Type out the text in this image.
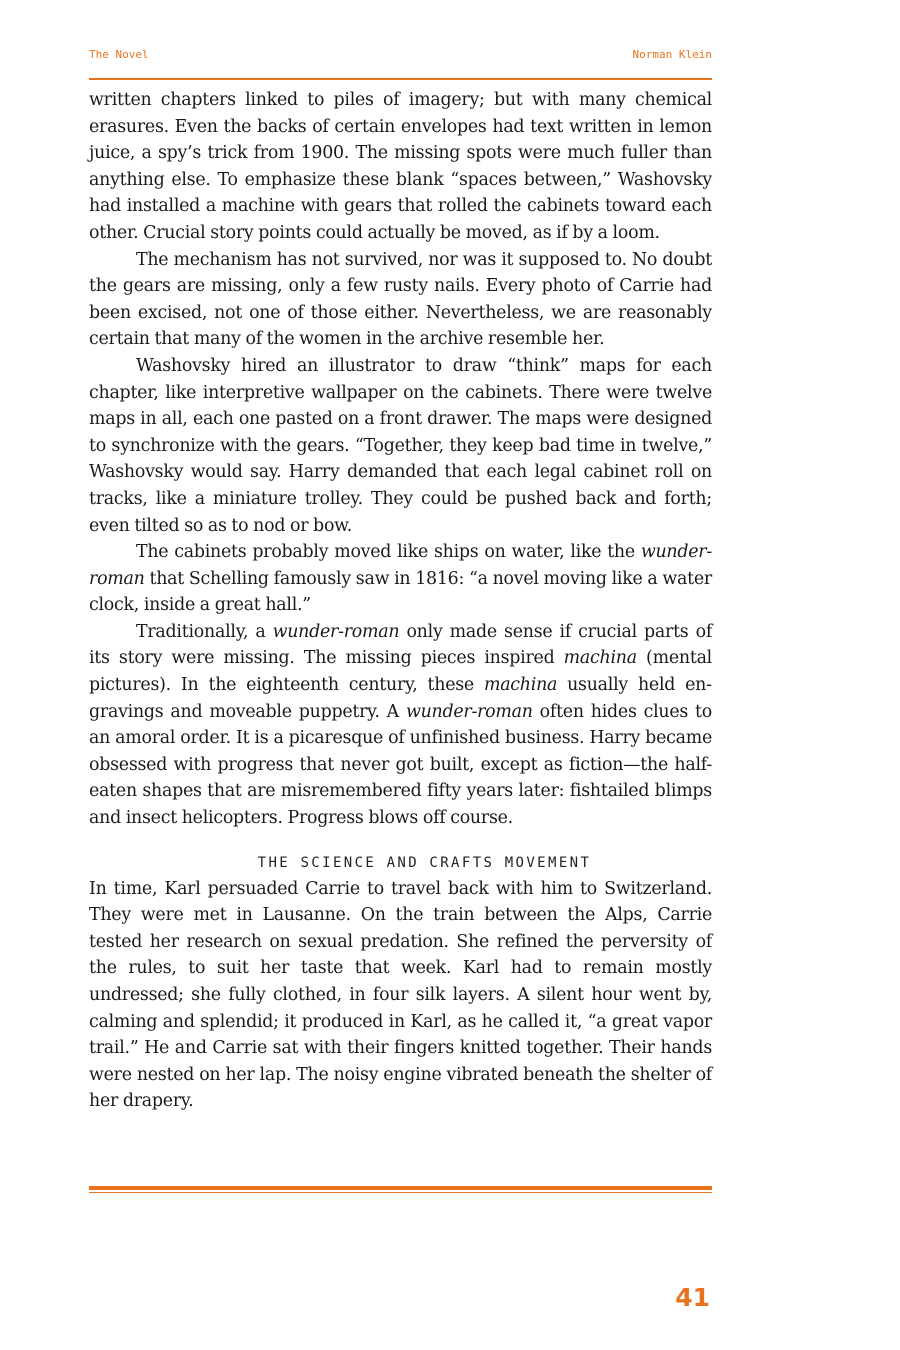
The Novel	Norman Klein

written chapters linked to piles of imagery; but with many chemical erasures. Even the backs of certain envelopes had text written in lemon juice, a spy’s trick from 1900. The missing spots were much fuller than anything else. To emphasize these blank “spaces between,” Washovsky had installed a machine with gears that rolled the cabinets toward each other. Crucial story points could actually be moved, as if by a loom.

The mechanism has not survived, nor was it supposed to. No doubt the gears are missing, only a few rusty nails. Every photo of Carrie had been excised, not one of those either. Nevertheless, we are reasonably certain that many of the women in the archive resemble her.

Washovsky hired an illustrator to draw “think” maps for each chapter, like interpretive wallpaper on the cabinets. There were twelve maps in all, each one pasted on a front drawer. The maps were designed to synchronize with the gears. “Together, they keep bad time in twelve,” Washovsky would say. Harry demanded that each legal cabinet roll on tracks, like a miniature trolley. They could be pushed back and forth; even tilted so as to nod or bow.

The cabinets probably moved like ships on water, like the wunder-roman that Schelling famously saw in 1816: “a novel moving like a water clock, inside a great hall.”

Traditionally, a wunder-roman only made sense if crucial parts of its story were missing. The missing pieces inspired machina (mental pictures). In the eighteenth century, these machina usually held engravings and moveable puppetry. A wunder-roman often hides clues to an amoral order. It is a picaresque of unfinished business. Harry became obsessed with progress that never got built, except as fiction—the half-eaten shapes that are misremembered fifty years later: fishtailed blimps and insect helicopters. Progress blows off course.

THE SCIENCE AND CRAFTS MOVEMENT

In time, Karl persuaded Carrie to travel back with him to Switzerland. They were met in Lausanne. On the train between the Alps, Carrie tested her research on sexual predation. She refined the perversity of the rules, to suit her taste that week. Karl had to remain mostly undressed; she fully clothed, in four silk layers. A silent hour went by, calming and splendid; it produced in Karl, as he called it, “a great vapor trail.” He and Carrie sat with their fingers knitted together. Their hands were nested on her lap. The noisy engine vibrated beneath the shelter of her drapery.

41
